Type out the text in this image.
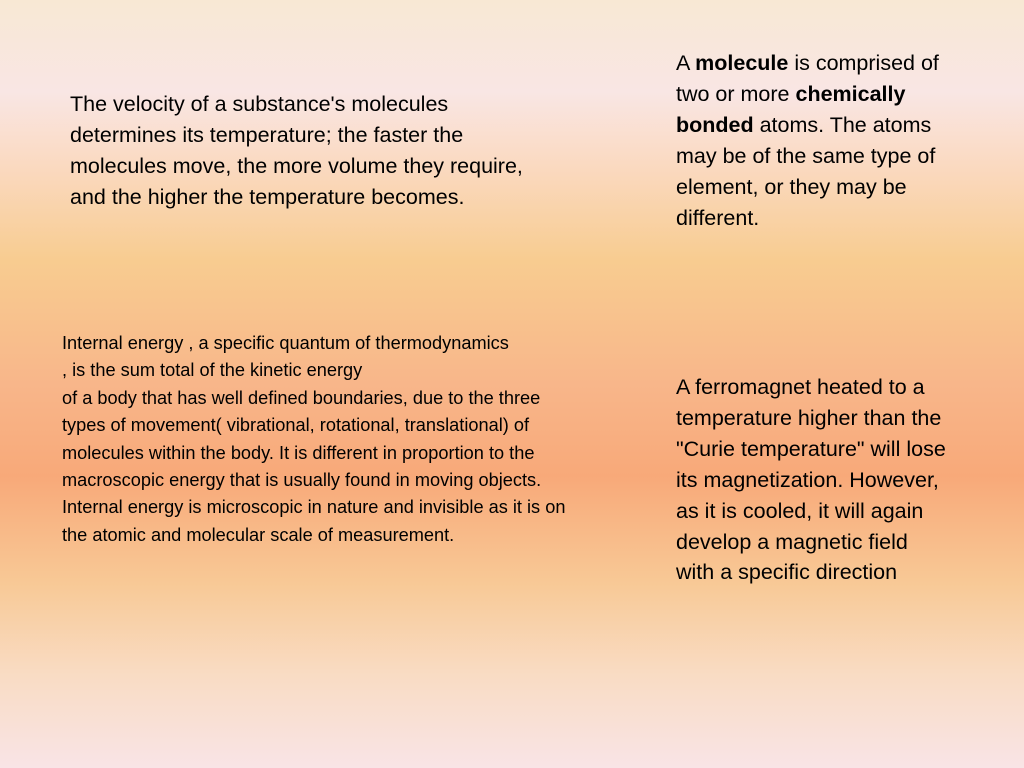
The velocity of a substance's molecules determines its temperature; the faster the molecules move, the more volume they require, and the higher the temperature becomes.

A molecule is comprised of two or more chemically bonded atoms. The atoms may be of the same type of element, or they may be different.

Internal energy , a specific quantum of thermodynamics
, is the sum total of the kinetic energy
of a body that has well defined boundaries, due to the three types of movement( vibrational, rotational, translational) of molecules within the body. It is different in proportion to the macroscopic energy that is usually found in moving objects. Internal energy is microscopic in nature and invisible as it is on the atomic and molecular scale of measurement.

A ferromagnet heated to a temperature higher than the "Curie temperature" will lose its magnetization. However, as it is cooled, it will again develop a magnetic field with a specific direction
